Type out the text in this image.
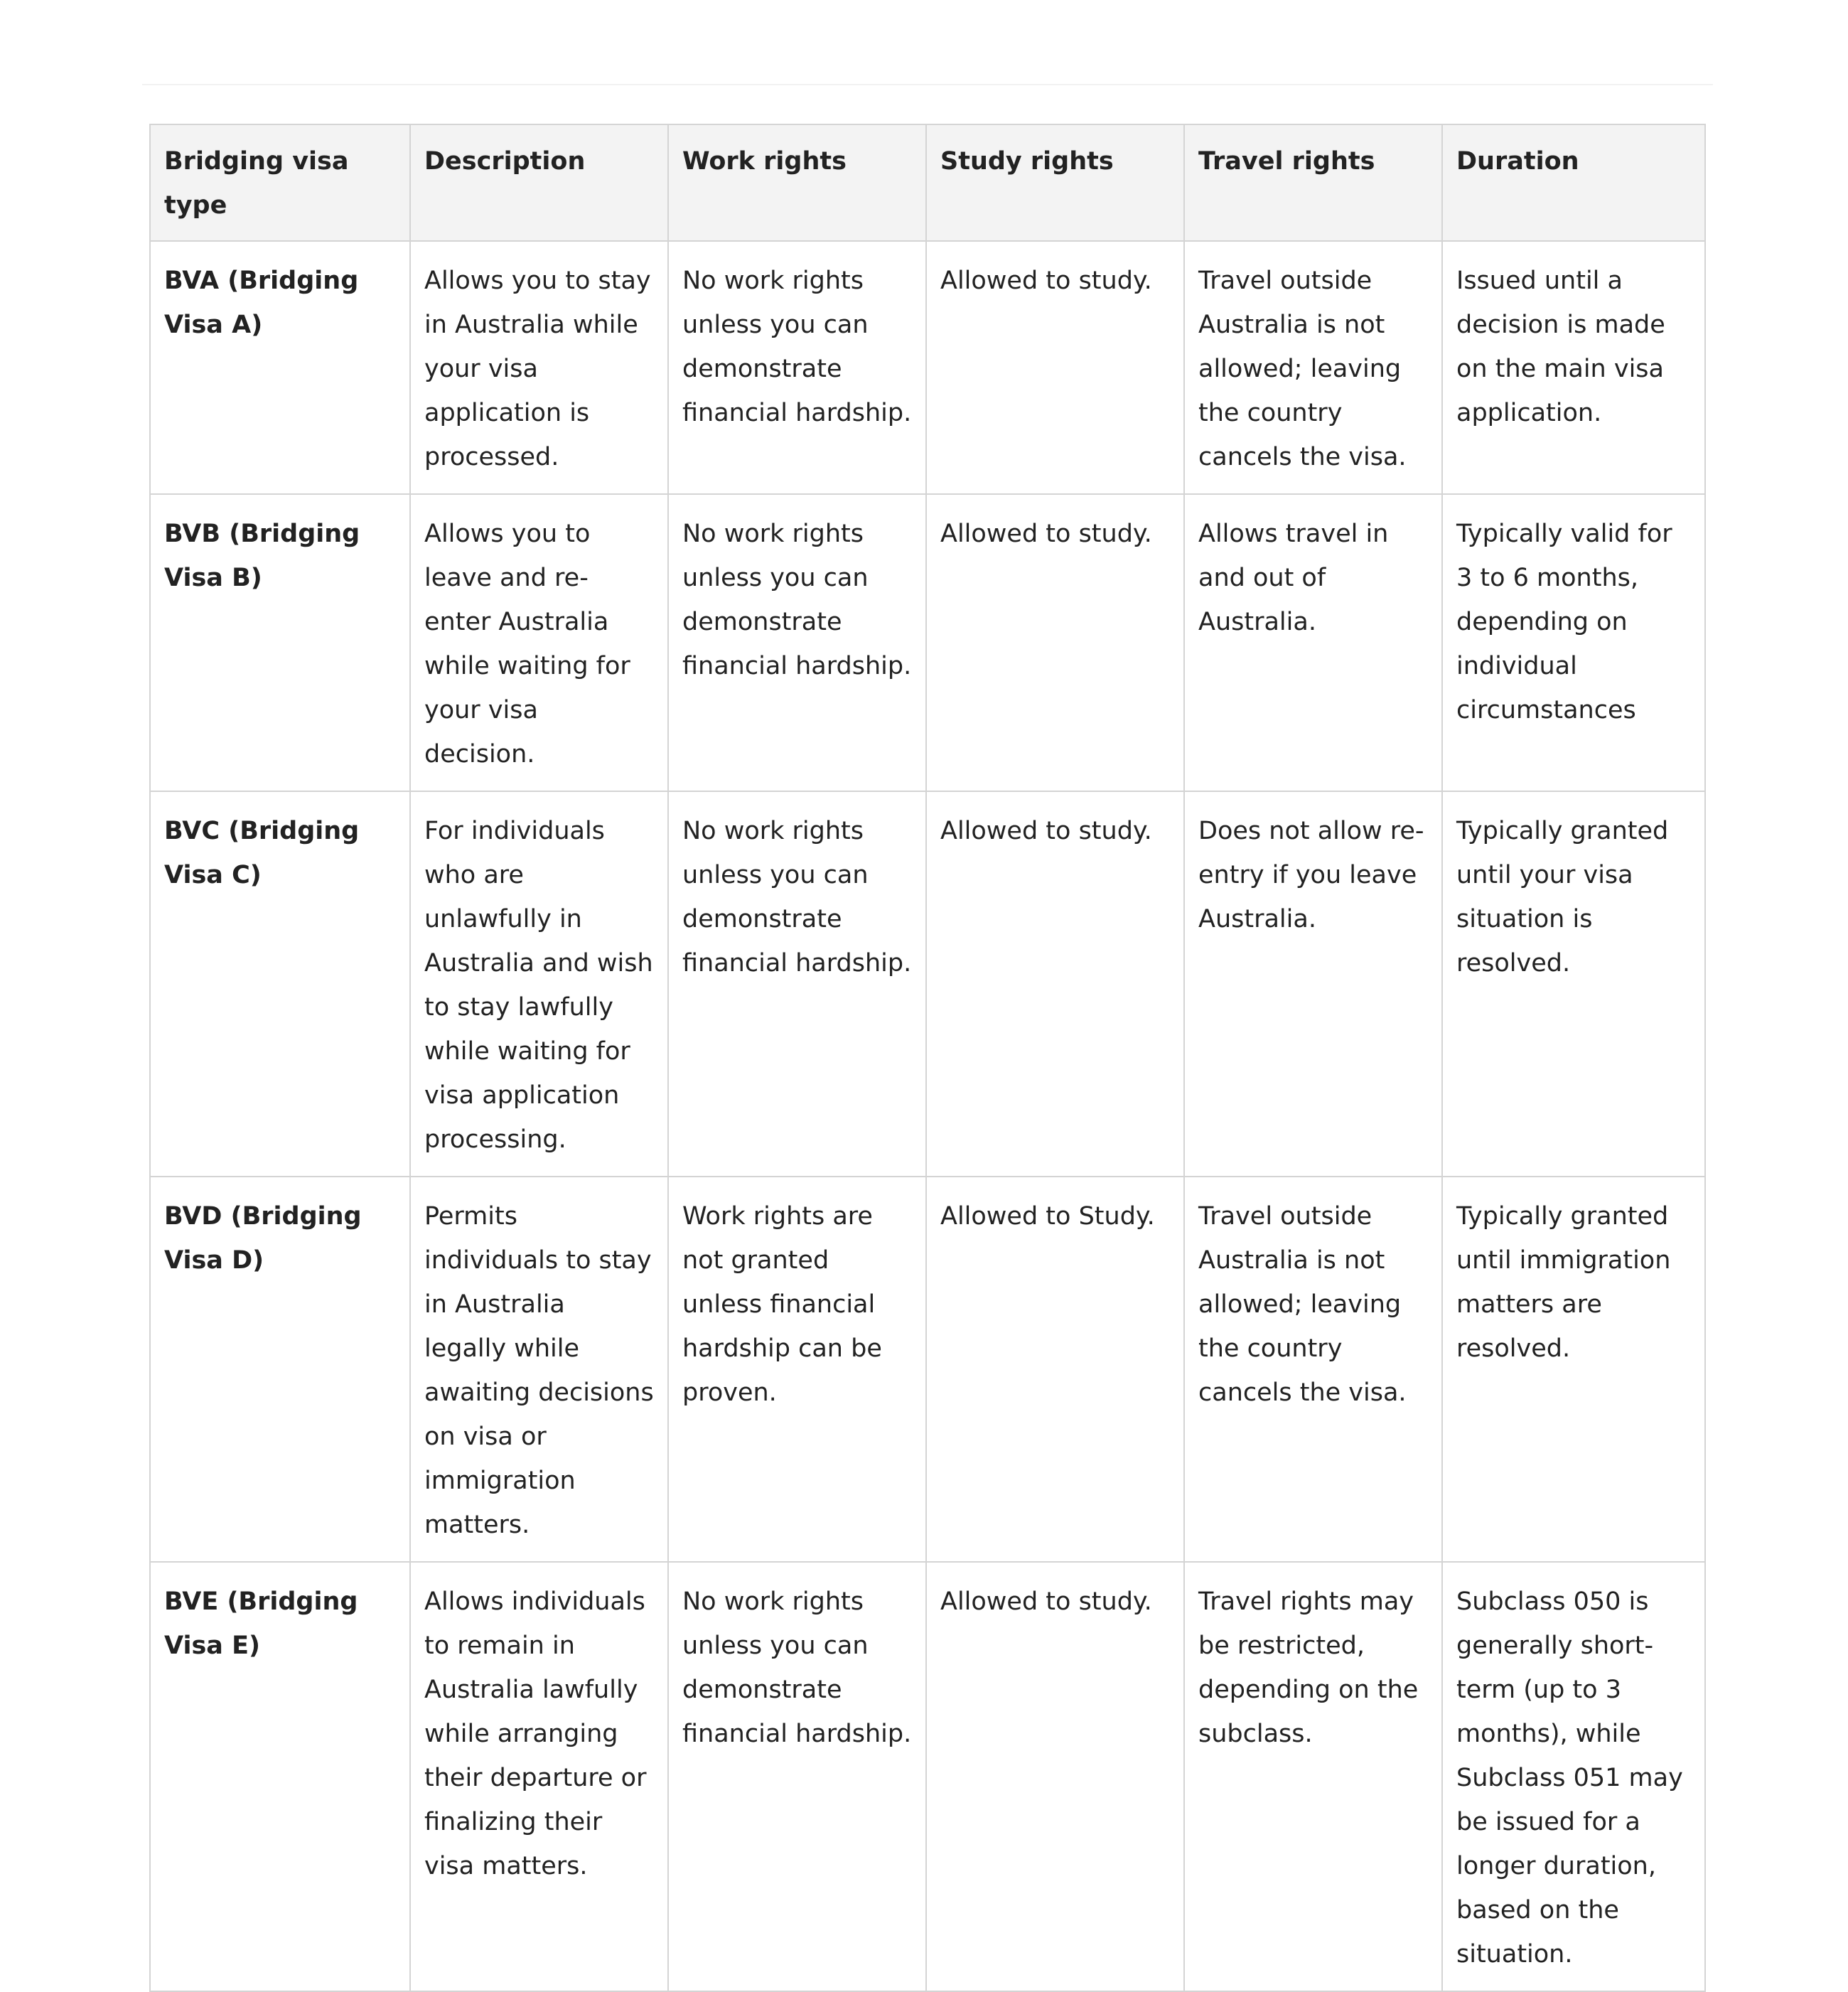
Bridging visa type	Description	Work rights	Study rights	Travel rights	Duration
BVA (Bridging Visa A)	Allows you to stay in Australia while your visa application is processed.	No work rights unless you can demonstrate financial hardship.	Allowed to study.	Travel outside Australia is not allowed; leaving the country cancels the visa.	Issued until a decision is made on the main visa application.
BVB (Bridging Visa B)	Allows you to leave and re-enter Australia while waiting for your visa decision.	No work rights unless you can demonstrate financial hardship.	Allowed to study.	Allows travel in and out of Australia.	Typically valid for 3 to 6 months, depending on individual circumstances
BVC (Bridging Visa C)	For individuals who are unlawfully in Australia and wish to stay lawfully while waiting for visa application processing.	No work rights unless you can demonstrate financial hardship.	Allowed to study.	Does not allow re-entry if you leave Australia.	Typically granted until your visa situation is resolved.
BVD (Bridging Visa D)	Permits individuals to stay in Australia legally while awaiting decisions on visa or immigration matters.	Work rights are not granted unless financial hardship can be proven.	Allowed to Study.	Travel outside Australia is not allowed; leaving the country cancels the visa.	Typically granted until immigration matters are resolved.
BVE (Bridging Visa E)	Allows individuals to remain in Australia lawfully while arranging their departure or finalizing their visa matters.	No work rights unless you can demonstrate financial hardship.	Allowed to study.	Travel rights may be restricted, depending on the subclass.	Subclass 050 is generally short-term (up to 3 months), while Subclass 051 may be issued for a longer duration, based on the situation.
